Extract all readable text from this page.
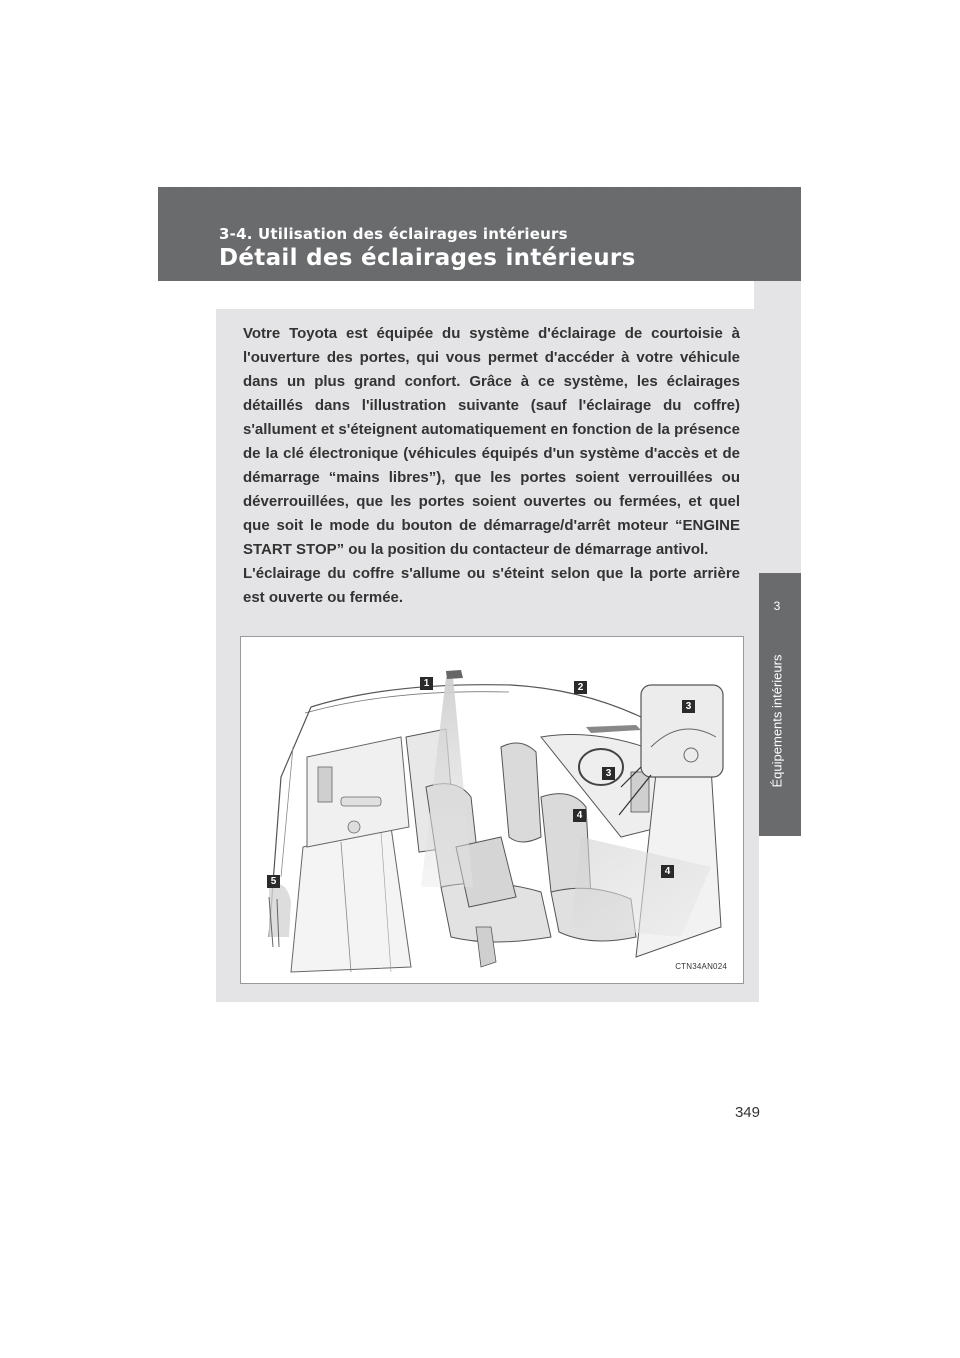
3-4. Utilisation des éclairages intérieurs
Détail des éclairages intérieurs
3
Équipements intérieurs

Votre Toyota est équipée du système d'éclairage de courtoisie à l'ouverture des portes, qui vous permet d'accéder à votre véhicule dans un plus grand confort. Grâce à ce système, les éclairages détaillés dans l'illustration suivante (sauf l'éclairage du coffre) s'allument et s'éteignent automatiquement en fonction de la présence de la clé électronique (véhicules équipés d'un système d'accès et de démarrage “mains libres”), que les portes soient verrouillées ou déverrouillées, que les portes soient ouvertes ou fermées, et quel que soit le mode du bouton de démarrage/d'arrêt moteur “ENGINE START STOP” ou la position du contacteur de démarrage antivol.

L'éclairage du coffre s'allume ou s'éteint selon que la porte arrière est ouverte ou fermée.

1	2
3
3
4
4
5
CTN34AN024
349
